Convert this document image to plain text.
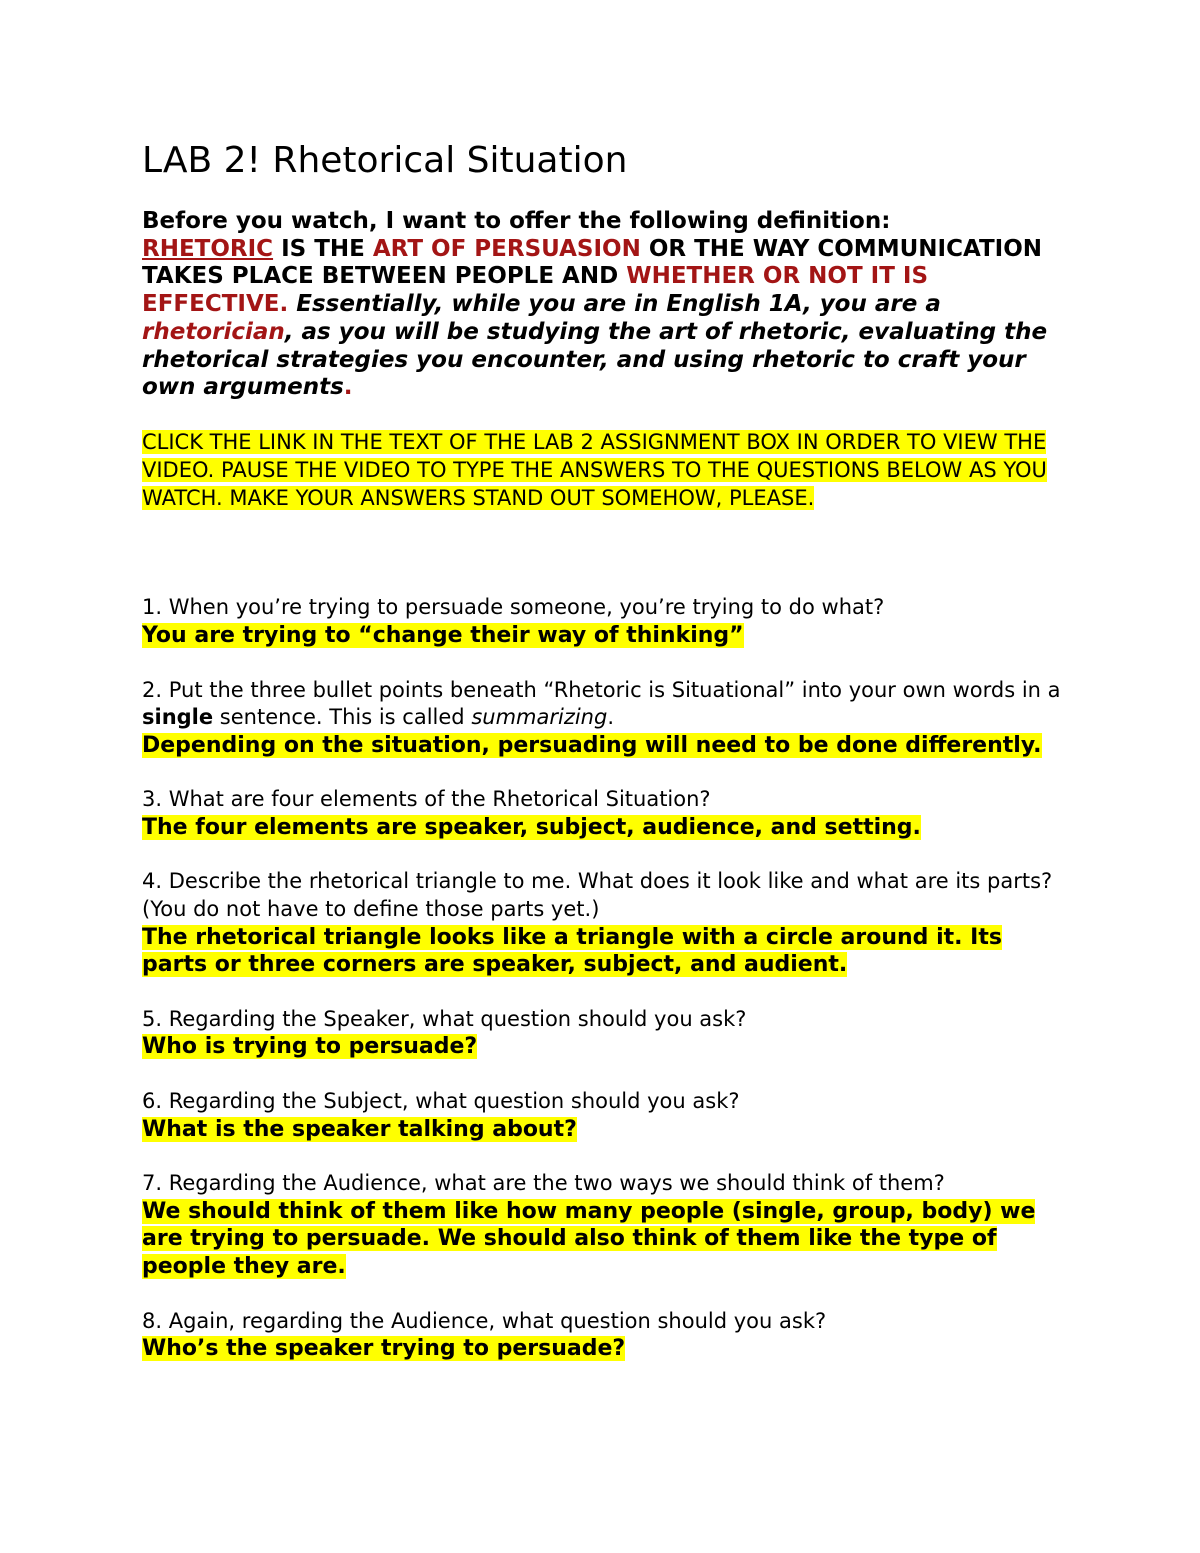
LAB 2! Rhetorical Situation
Before you watch, I want to offer the following definition:
RHETORIC IS THE ART OF PERSUASION OR THE WAY COMMUNICATION TAKES PLACE BETWEEN PEOPLE AND WHETHER OR NOT IT IS EFFECTIVE. Essentially, while you are in English 1A, you are a rhetorician, as you will be studying the art of rhetoric, evaluating the rhetorical strategies you encounter, and using rhetoric to craft your own arguments.
CLICK THE LINK IN THE TEXT OF THE LAB 2 ASSIGNMENT BOX IN ORDER TO VIEW THE VIDEO. PAUSE THE VIDEO TO TYPE THE ANSWERS TO THE QUESTIONS BELOW AS YOU WATCH. MAKE YOUR ANSWERS STAND OUT SOMEHOW, PLEASE.
1. When you’re trying to persuade someone, you’re trying to do what?
You are trying to “change their way of thinking”
2. Put the three bullet points beneath “Rhetoric is Situational” into your own words in a single sentence. This is called summarizing.
Depending on the situation, persuading will need to be done differently.
3. What are four elements of the Rhetorical Situation?
The four elements are speaker, subject, audience, and setting.
4. Describe the rhetorical triangle to me. What does it look like and what are its parts? (You do not have to define those parts yet.)
The rhetorical triangle looks like a triangle with a circle around it. Its parts or three corners are speaker, subject, and audient.
5. Regarding the Speaker, what question should you ask?
Who is trying to persuade?
6. Regarding the Subject, what question should you ask?
What is the speaker talking about?
7. Regarding the Audience, what are the two ways we should think of them?
We should think of them like how many people (single, group, body) we are trying to persuade. We should also think of them like the type of people they are.
8. Again, regarding the Audience, what question should you ask?
Who’s the speaker trying to persuade?
